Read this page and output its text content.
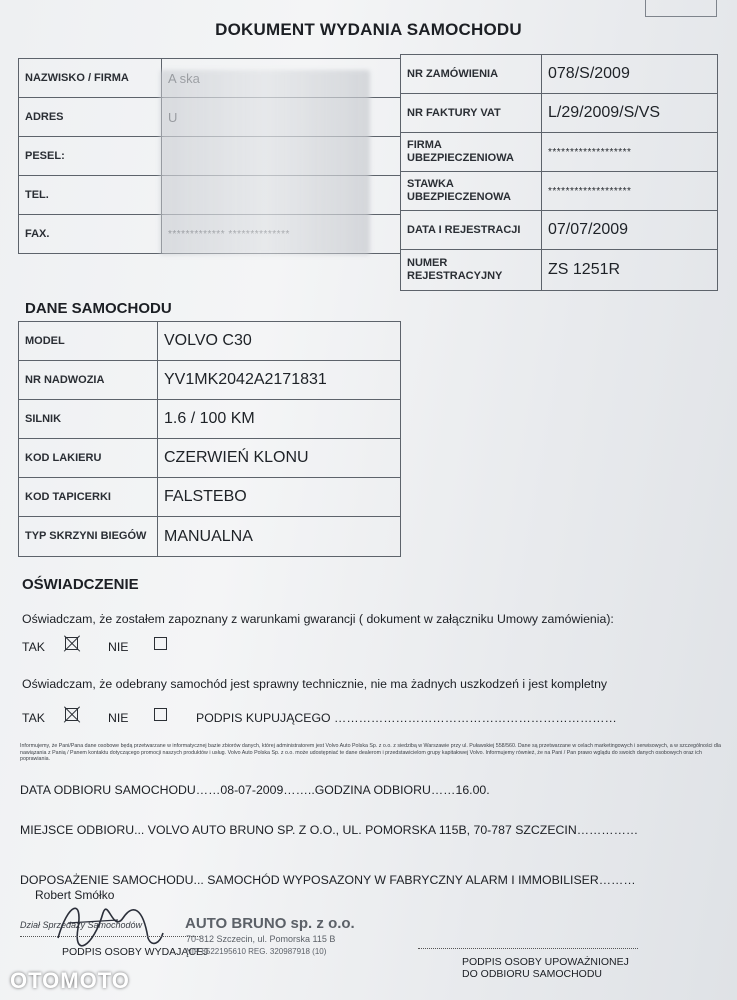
DOKUMENT WYDANIA SAMOCHODU
NAZWISKO / FIRMA	
ADRES	
PESEL:	
TEL.	
FAX.	
NR ZAMÓWIENIA	078/S/2009
NR FAKTURY VAT	L/29/2009/S/VS
FIRMA UBEZPIECZENIOWA	*******************
STAWKA UBEZPIECZENOWA	*******************
DATA I REJESTRACJI	07/07/2009
NUMER REJESTRACYJNY	ZS 1251R
DANE SAMOCHODU
MODEL	VOLVO C30
NR NADWOZIA	YV1MK2042A2171831
SILNIK	1.6 / 100 KM
KOD LAKIERU	CZERWIEŃ KLONU
KOD TAPICERKI	FALSTEBO
TYP SKRZYNI BIEGÓW	MANUALNA
OŚWIADCZENIE
Oświadczam, że zostałem zapoznany z warunkami gwarancji ( dokument w załączniku Umowy zamówienia):
TAK	NIE
Oświadczam, że odebrany samochód jest sprawny technicznie, nie ma żadnych uszkodzeń i jest kompletny
TAK	NIE	PODPIS KUPUJĄCEGO ……………………………………………………………
Informujemy, że Pani/Pana dane osobowe będą przetwarzane w informatycznej bazie zbiorów danych, której administratorem jest Volvo Auto Polska Sp. z o.o. z siedzibą w Warszawie przy ul. Puławskiej 558/560. Dane są przetwarzane w celach marketingowych i serwisowych, a w szczególności dla nawiązania z Panią / Panem kontaktu dotyczącego promocji naszych produktów i usług. Volvo Auto Polska Sp. z o.o. może udostępniać te dane dealerom i przedstawicielom grupy kapitałowej Volvo. Informujemy również, że na Pani / Pan prawo wglądu do swoich danych osobowych oraz ich poprawiania.
DATA ODBIORU SAMOCHODU……08-07-2009……..GODZINA ODBIORU……16.00.
MIEJSCE ODBIORU... VOLVO AUTO BRUNO SP. Z O.O., UL. POMORSKA 115B, 70-787 SZCZECIN……………
DOPOSAŻENIE SAMOCHODU... SAMOCHÓD WYPOSAZONY W FABRYCZNY ALARM I IMMOBILISER………
Robert Smółko
Dział Sprzedaży Samochodów
PODPIS OSOBY WYDAJĄCEJ
AUTO BRUNO sp. z o.o.
70-812 Szczecin, ul. Pomorska 115 B
NIP 8522195610 REG. 320987918 (10)
PODPIS OSOBY UPOWAŻNIONEJ DO ODBIORU SAMOCHODU
OTOMOTO
